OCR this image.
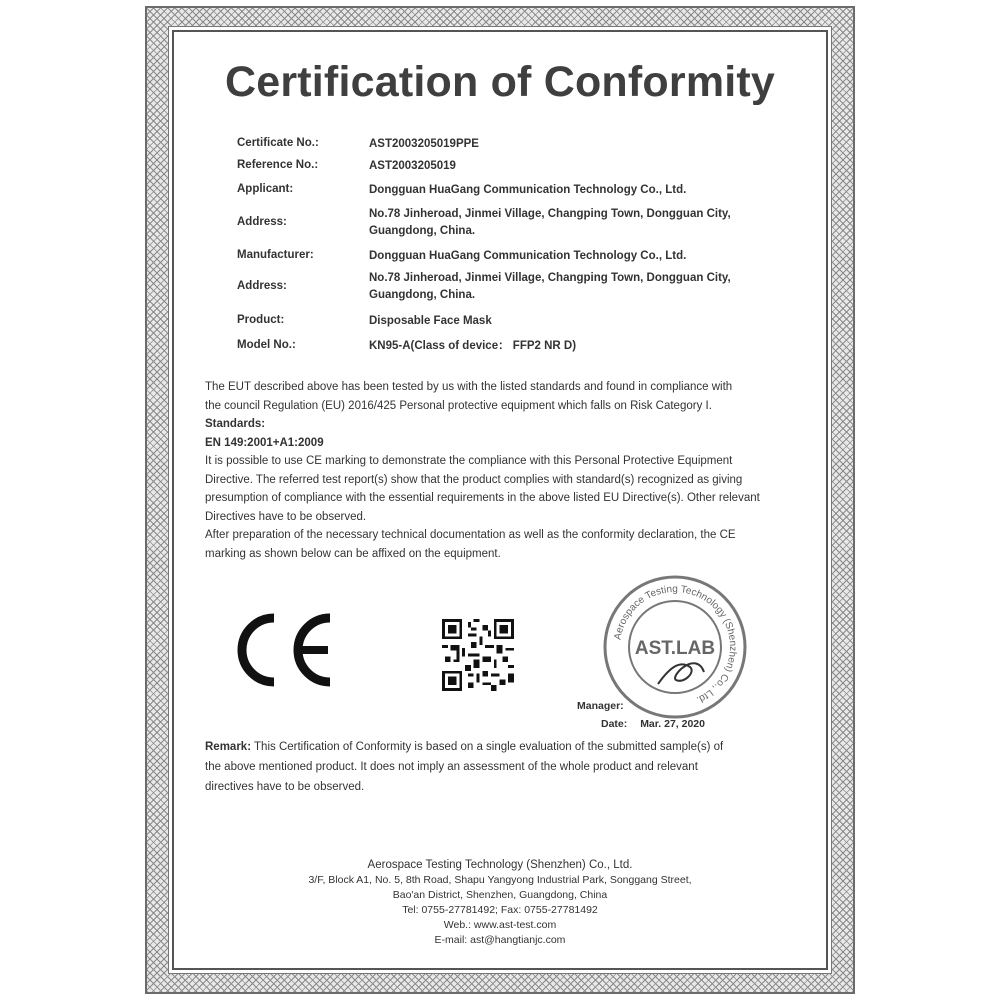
Certification of Conformity
Certificate No.:	AST2003205019PPE
Reference No.:	AST2003205019
Applicant:	Dongguan HuaGang Communication Technology Co., Ltd.
Address:
No.78 Jinheroad, Jinmei Village, Changping Town, Dongguan City,
Guangdong, China.
Manufacturer:	Dongguan HuaGang Communication Technology Co., Ltd.
Address:
No.78 Jinheroad, Jinmei Village, Changping Town, Dongguan City,
Guangdong, China.
Product:	Disposable Face Mask
Model No.:	KN95-A(Class of device： FFP2 NR D)
The EUT described above has been tested by us with the listed standards and found in compliance with
the council Regulation (EU) 2016/425 Personal protective equipment which falls on Risk Category I.
Standards:
EN 149:2001+A1:2009
It is possible to use CE marking to demonstrate the compliance with this Personal Protective Equipment
Directive. The referred test report(s) show that the product complies with standard(s) recognized as giving
presumption of compliance with the essential requirements in the above listed EU Directive(s). Other relevant
Directives have to be observed.
After preparation of the necessary technical documentation as well as the conformity declaration, the CE
marking as shown below can be affixed on the equipment.
Aerospace Testing Technology (Shenzhen) Co., Ltd.
AST.LAB
Manager:
Date: Mar. 27, 2020
Remark: This Certification of Conformity is based on a single evaluation of the submitted sample(s) of
the above mentioned product. It does not imply an assessment of the whole product and relevant
directives have to be observed.
Aerospace Testing Technology (Shenzhen) Co., Ltd.
3/F, Block A1, No. 5, 8th Road, Shapu Yangyong Industrial Park, Songgang Street,
Bao'an District, Shenzhen, Guangdong, China
Tel: 0755-27781492; Fax: 0755-27781492
Web.: www.ast-test.com
E-mail: ast@hangtianjc.com
